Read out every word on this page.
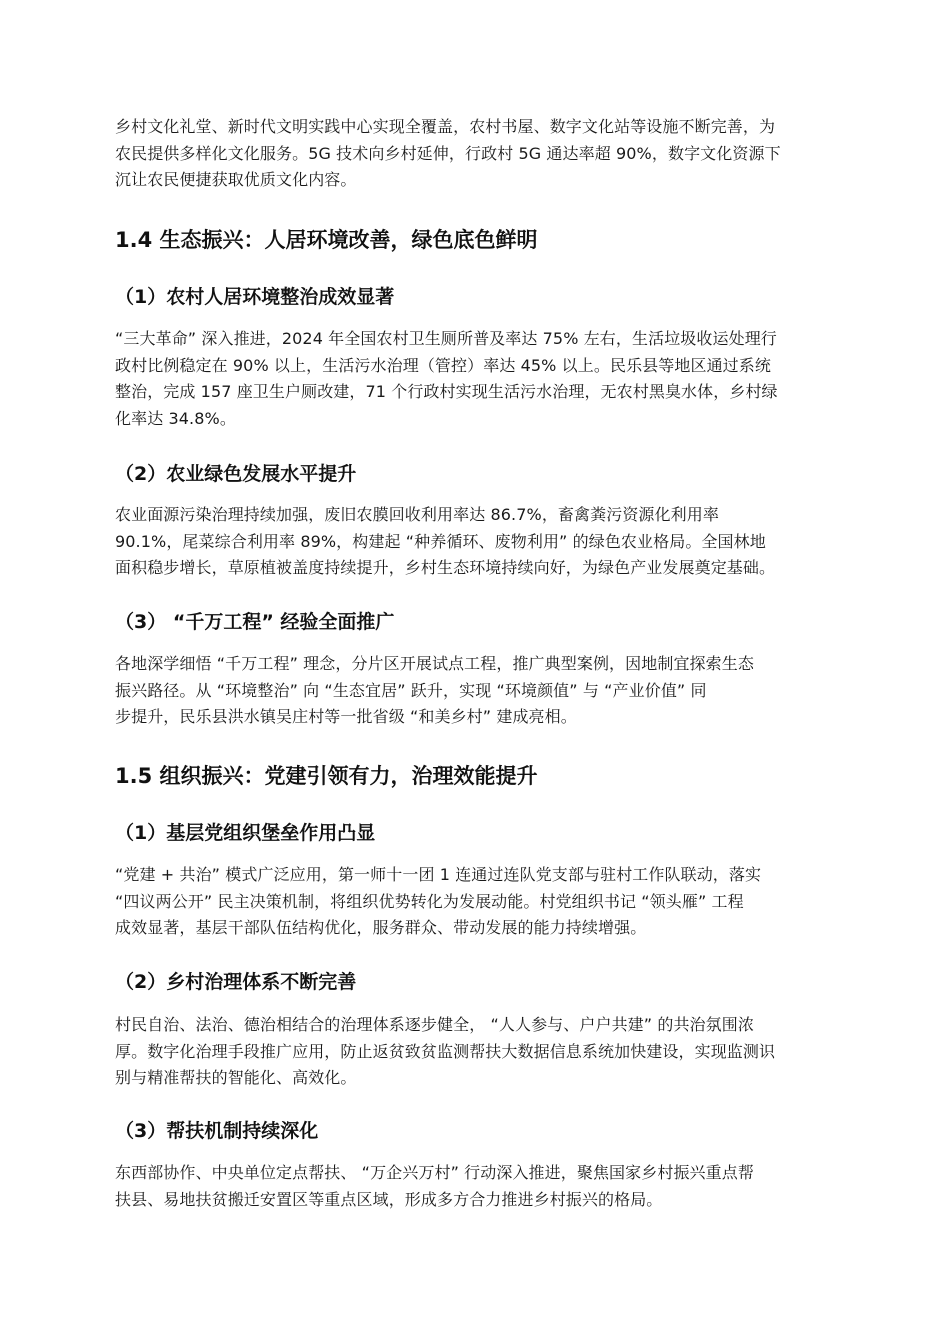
乡村文化礼堂、新时代文明实践中心实现全覆盖，农村书屋、数字文化站等设施不断完善，为
农民提供多样化文化服务。5G 技术向乡村延伸，行政村 5G 通达率超 90%，数字文化资源下
沉让农民便捷获取优质文化内容。

1.4 生态振兴：人居环境改善，绿色底色鲜明
（1）农村人居环境整治成效显著

“三大革命” 深入推进，2024 年全国农村卫生厕所普及率达 75% 左右，生活垃圾收运处理行
政村比例稳定在 90% 以上，生活污水治理（管控）率达 45% 以上。民乐县等地区通过系统
整治，完成 157 座卫生户厕改建，71 个行政村实现生活污水治理，无农村黑臭水体，乡村绿
化率达 34.8%。

（2）农业绿色发展水平提升

农业面源污染治理持续加强，废旧农膜回收利用率达 86.7%，畜禽粪污资源化利用率
90.1%，尾菜综合利用率 89%，构建起 “种养循环、废物利用” 的绿色农业格局。全国林地
面积稳步增长，草原植被盖度持续提升，乡村生态环境持续向好，为绿色产业发展奠定基础。

（3） “千万工程” 经验全面推广

各地深学细悟 “千万工程” 理念，分片区开展试点工程，推广典型案例，因地制宜探索生态
振兴路径。从 “环境整治” 向 “生态宜居” 跃升，实现 “环境颜值” 与 “产业价值” 同
步提升，民乐县洪水镇吴庄村等一批省级 “和美乡村” 建成亮相。

1.5 组织振兴：党建引领有力，治理效能提升
（1）基层党组织堡垒作用凸显

“党建 + 共治” 模式广泛应用，第一师十一团 1 连通过连队党支部与驻村工作队联动，落实
“四议两公开” 民主决策机制，将组织优势转化为发展动能。村党组织书记 “领头雁” 工程
成效显著，基层干部队伍结构优化，服务群众、带动发展的能力持续增强。

（2）乡村治理体系不断完善

村民自治、法治、德治相结合的治理体系逐步健全， “人人参与、户户共建” 的共治氛围浓
厚。数字化治理手段推广应用，防止返贫致贫监测帮扶大数据信息系统加快建设，实现监测识
别与精准帮扶的智能化、高效化。

（3）帮扶机制持续深化

东西部协作、中央单位定点帮扶、 “万企兴万村” 行动深入推进，聚焦国家乡村振兴重点帮
扶县、易地扶贫搬迁安置区等重点区域，形成多方合力推进乡村振兴的格局。
